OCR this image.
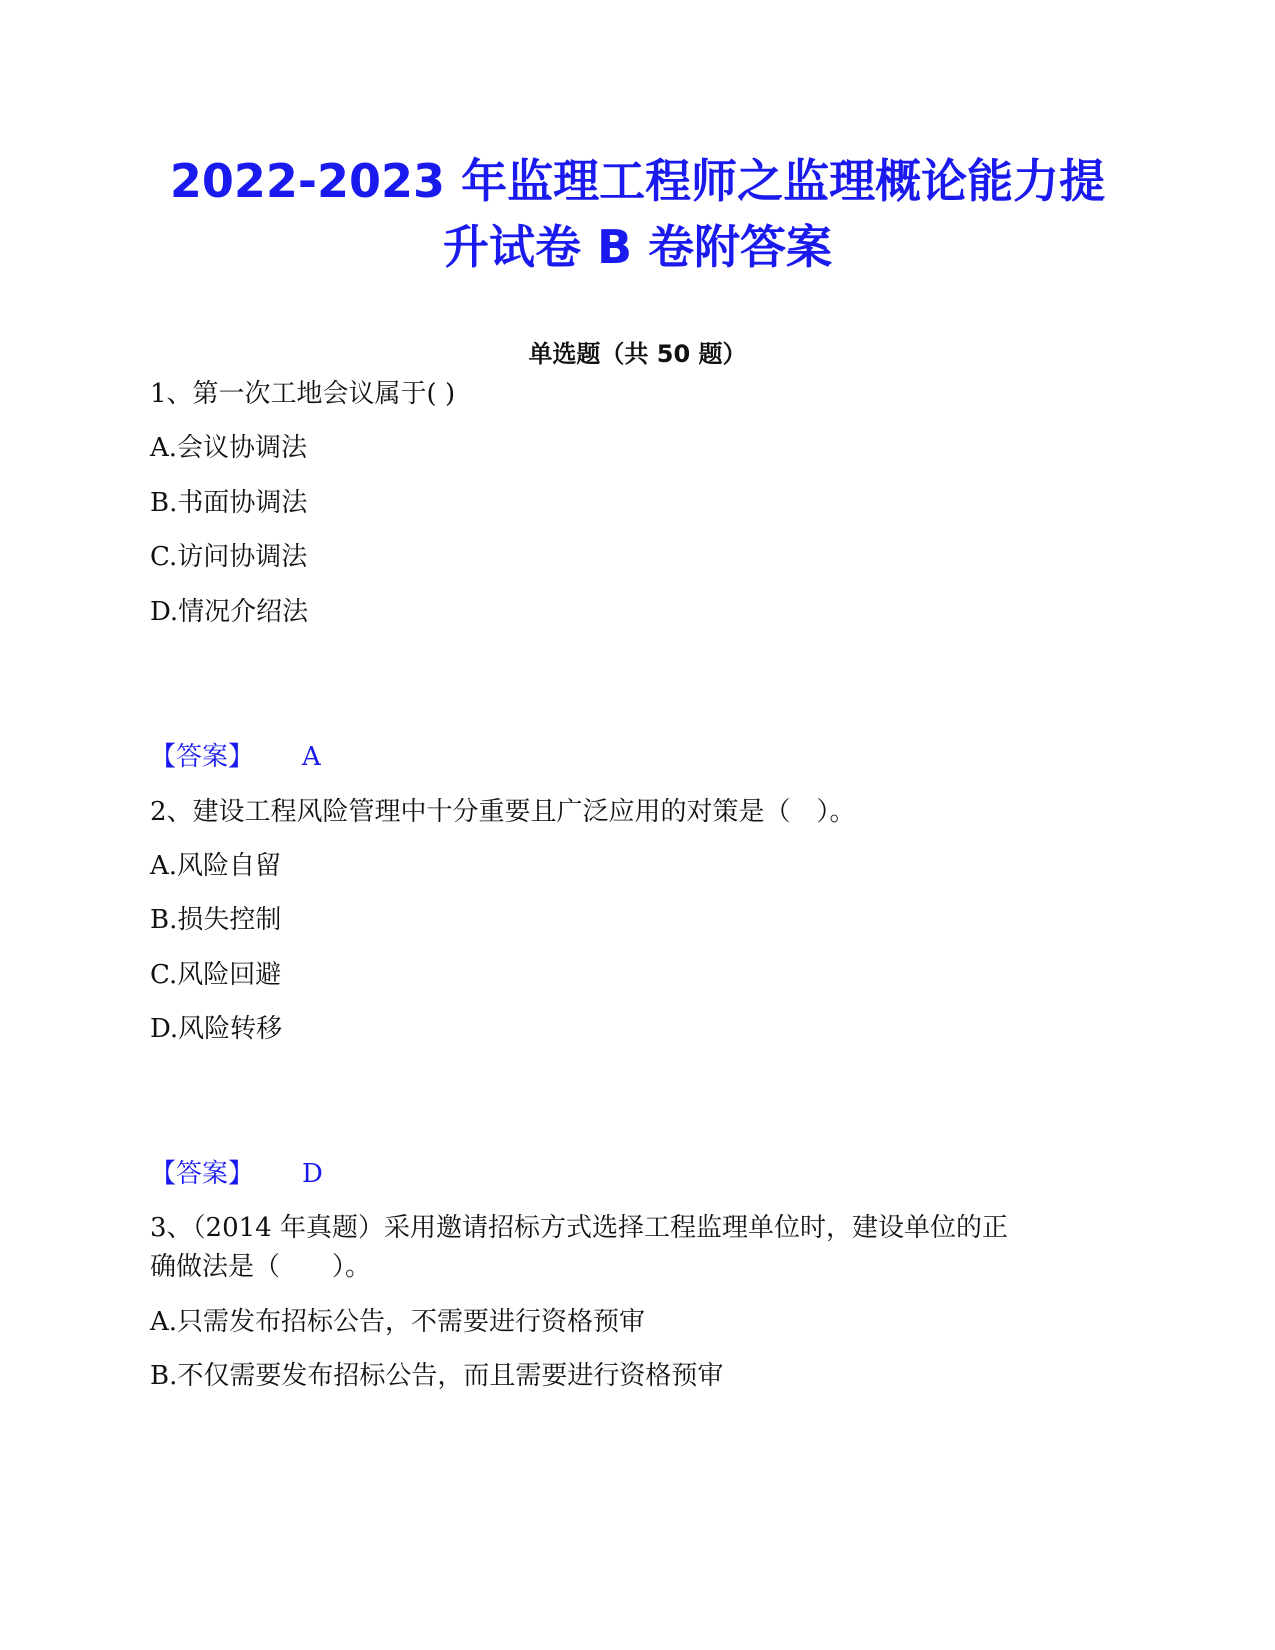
2022-2023 年监理工程师之监理概论能力提
升试卷 B 卷附答案
单选题（共 50 题）
1、第一次工地会议属于( )
A.会议协调法
B.书面协调法
C.访问协调法
D.情况介绍法
【答案】 A
2、建设工程风险管理中十分重要且广泛应用的对策是（　）。
A.风险自留
B.损失控制
C.风险回避
D.风险转移
【答案】 D
3、（2014 年真题）采用邀请招标方式选择工程监理单位时，建设单位的正
确做法是（　　）。
A.只需发布招标公告，不需要进行资格预审
B.不仅需要发布招标公告，而且需要进行资格预审
